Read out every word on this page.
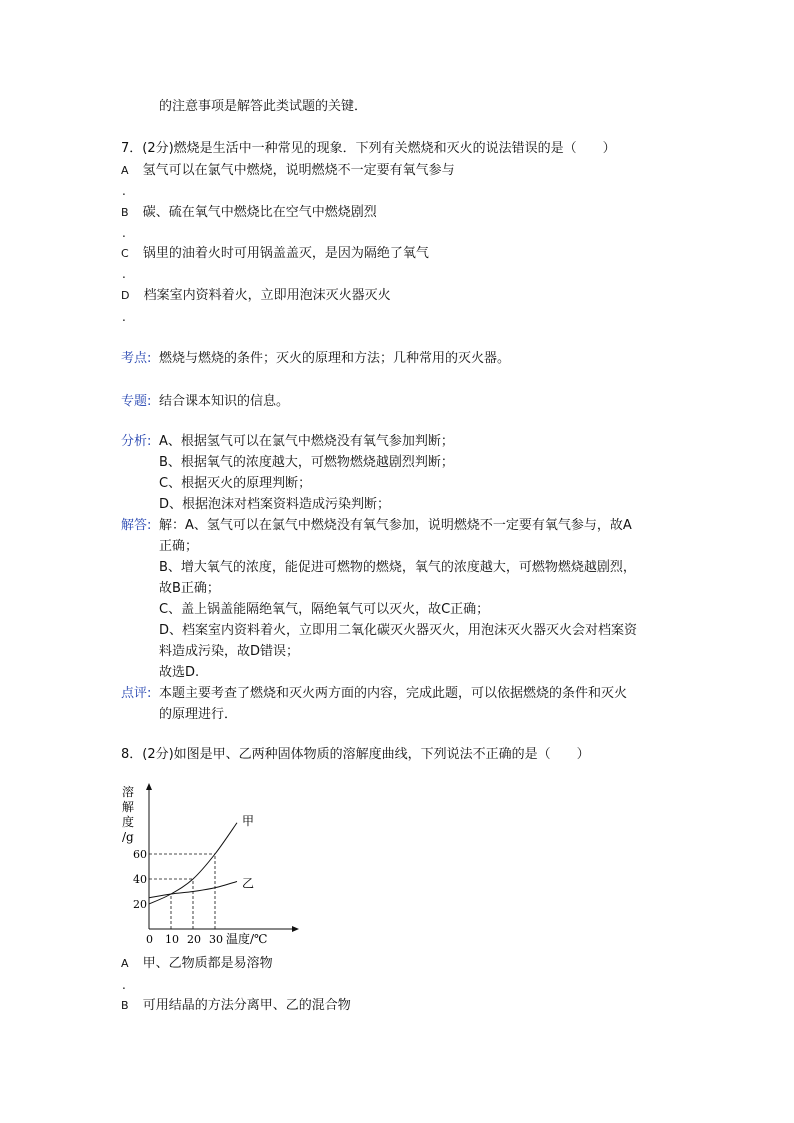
的注意事项是解答此类试题的关键．
7．(2分)燃烧是生活中一种常见的现象．下列有关燃烧和灭火的说法错误的是（　　）
A 氢气可以在氯气中燃烧，说明燃烧不一定要有氧气参与
.
B 碳、硫在氧气中燃烧比在空气中燃烧剧烈
.
C 锅里的油着火时可用锅盖盖灭，是因为隔绝了氧气
.
D 档案室内资料着火，立即用泡沫灭火器灭火
.
考点: 燃烧与燃烧的条件；灭火的原理和方法；几种常用的灭火器。
专题: 结合课本知识的信息。
分析: A、根据氢气可以在氯气中燃烧没有氧气参加判断；
B、根据氧气的浓度越大，可燃物燃烧越剧烈判断；
C、根据灭火的原理判断；
D、根据泡沫对档案资料造成污染判断；
解答: 解：A、氢气可以在氯气中燃烧没有氧气参加，说明燃烧不一定要有氧气参与，故A
正确；
B、增大氧气的浓度，能促进可燃物的燃烧，氧气的浓度越大，可燃物燃烧越剧烈，
故B正确；
C、盖上锅盖能隔绝氧气，隔绝氧气可以灭火，故C正确；
D、档案室内资料着火，立即用二氧化碳灭火器灭火，用泡沫灭火器灭火会对档案资
料造成污染，故D错误；
故选D.
点评: 本题主要考查了燃烧和灭火两方面的内容，完成此题，可以依据燃烧的条件和灭火
的原理进行．
8．(2分)如图是甲、乙两种固体物质的溶解度曲线，下列说法不正确的是（　　）
溶
解
度
/g
甲
乙
0 10 20 30
20
40
60
温度/℃
A 甲、乙物质都是易溶物
.
B 可用结晶的方法分离甲、乙的混合物
